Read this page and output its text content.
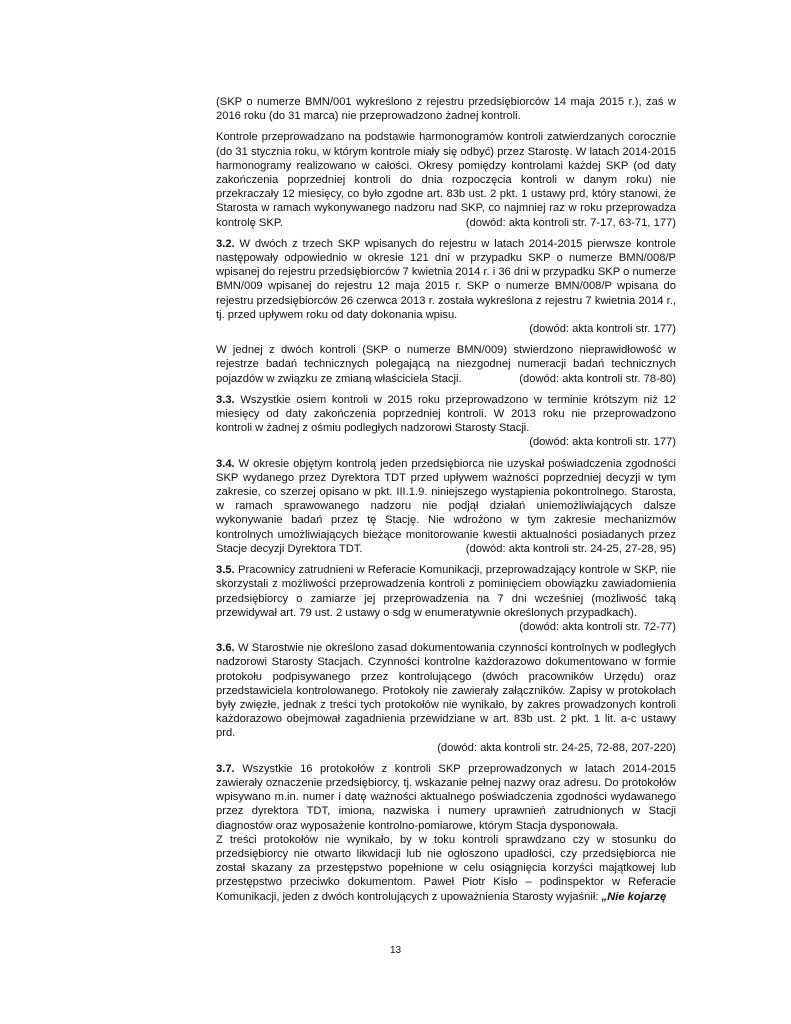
(SKP o numerze BMN/001 wykreślono z rejestru przedsiębiorców 14 maja 2015 r.), zaś w 2016 roku (do 31 marca) nie przeprowadzono żadnej kontroli.

Kontrole przeprowadzano na podstawie harmonogramów kontroli zatwierdzanych corocznie (do 31 stycznia roku, w którym kontrole miały się odbyć) przez Starostę. W latach 2014-2015 harmonogramy realizowano w całości. Okresy pomiędzy kontrolami każdej SKP (od daty zakończenia poprzedniej kontroli do dnia rozpoczęcia kontroli w danym roku) nie przekraczały 12 miesięcy, co było zgodne art. 83b ust. 2 pkt. 1 ustawy prd, który stanowi, że Starosta w ramach wykonywanego nadzoru nad SKP, co najmniej raz w roku przeprowadza kontrolę SKP.	(dowód: akta kontroli str. 7-17, 63-71, 177)

3.2. W dwóch z trzech SKP wpisanych do rejestru w latach 2014-2015 pierwsze kontrole następowały odpowiednio w okresie 121 dni w przypadku SKP o numerze BMN/008/P wpisanej do rejestru przedsiębiorców 7 kwietnia 2014 r. i 36 dni w przypadku SKP o numerze BMN/009 wpisanej do rejestru 12 maja 2015 r. SKP o numerze BMN/008/P wpisana do rejestru przedsiębiorców 26 czerwca 2013 r. została wykreślona z rejestru 7 kwietnia 2014 r., tj. przed upływem roku od daty dokonania wpisu.

(dowód: akta kontroli str. 177)

W jednej z dwóch kontroli (SKP o numerze BMN/009) stwierdzono nieprawidłowość w rejestrze badań technicznych polegającą na niezgodnej numeracji badań technicznych pojazdów w związku ze zmianą właściciela Stacji.	(dowód: akta kontroli str. 78-80)

3.3. Wszystkie osiem kontroli w 2015 roku przeprowadzono w terminie krótszym niż 12 miesięcy od daty zakończenia poprzedniej kontroli. W 2013 roku nie przeprowadzono kontroli w żadnej z ośmiu podległych nadzorowi Starosty Stacji.

(dowód: akta kontroli str. 177)

3.4. W okresie objętym kontrolą jeden przedsiębiorca nie uzyskał poświadczenia zgodności SKP wydanego przez Dyrektora TDT przed upływem ważności poprzedniej decyzji w tym zakresie, co szerzej opisano w pkt. III.1.9. niniejszego wystąpienia pokontrolnego. Starosta, w ramach sprawowanego nadzoru nie podjął działań uniemożliwiających dalsze wykonywanie badań przez tę Stację. Nie wdrożono w tym zakresie mechanizmów kontrolnych umożliwiających bieżące monitorowanie kwestii aktualności posiadanych przez Stacje decyzji Dyrektora TDT.	(dowód: akta kontroli str. 24-25, 27-28, 95)

3.5. Pracownicy zatrudnieni w Referacie Komunikacji, przeprowadzający kontrole w SKP, nie skorzystali z możliwości przeprowadzenia kontroli z pominięciem obowiązku zawiadomienia przedsiębiorcy o zamiarze jej przeprowadzenia na 7 dni wcześniej (możliwość taką przewidywał art. 79 ust. 2 ustawy o sdg w enumeratywnie określonych przypadkach).
(dowód: akta kontroli str. 72-77)

3.6. W Starostwie nie określono zasad dokumentowania czynności kontrolnych w podległych nadzorowi Starosty Stacjach. Czynności kontrolne każdorazowo dokumentowano w formie protokołu podpisywanego przez kontrolującego (dwóch pracowników Urzędu) oraz przedstawiciela kontrolowanego. Protokoły nie zawierały załączników. Zapisy w protokołach były zwięzłe, jednak z treści tych protokołów nie wynikało, by zakres prowadzonych kontroli każdorazowo obejmował zagadnienia przewidziane w art. 83b ust. 2 pkt. 1 lit. a-c ustawy prd.

(dowód: akta kontroli str. 24-25, 72-88, 207-220)

3.7. Wszystkie 16 protokołów z kontroli SKP przeprowadzonych w latach 2014-2015 zawierały oznaczenie przedsiębiorcy, tj. wskazanie pełnej nazwy oraz adresu. Do protokołów wpisywano m.in. numer i datę ważności aktualnego poświadczenia zgodności wydawanego przez dyrektora TDT, imiona, nazwiska i numery uprawnień zatrudnionych w Stacji diagnostów oraz wyposażenie kontrolno-pomiarowe, którym Stacja dysponowała.

Z treści protokołów nie wynikało, by w toku kontroli sprawdzano czy w stosunku do przedsiębiorcy nie otwarto likwidacji lub nie ogłoszono upadłości, czy przedsiębiorca nie został skazany za przestępstwo popełnione w celu osiągnięcia korzyści majątkowej lub przestępstwo przeciwko dokumentom. Paweł Piotr Kisło – podinspektor w Referacie Komunikacji, jeden z dwóch kontrolujących z upoważnienia Starosty wyjaśnił: „Nie kojarzę

13
